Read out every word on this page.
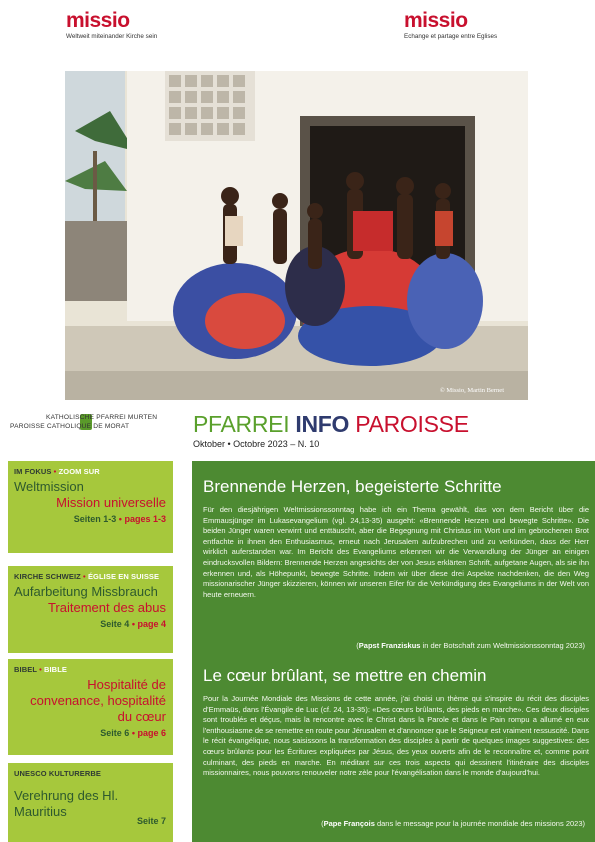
missio
Weltweit miteinander Kirche sein
missio
Echange et partage entre Eglises
© Missio, Martin Bernet
KATHOLISCHE PFARREI MURTEN
PAROISSE CATHOLIQUE DE MORAT	PFARREI INFO PAROISSE
Oktober • Octobre 2023 – N. 10
IM FOKUS • ZOOM SUR
Weltmission
Mission universelle
Seiten 1-3 • pages 1-3
KIRCHE SCHWEIZ • ÉGLISE EN SUISSE
Aufarbeitung Missbrauch
Traitement des abus
Seite 4 • page 4
BIBEL • BIBLE
Hospitalité de convenance, hospitalité du cœur
Seite 6 • page 6
UNESCO KULTURERBE
Verehrung des Hl. Mauritius
Seite 7
Brennende Herzen, begeisterte Schritte
Für den diesjährigen Weltmissionssonntag habe ich ein Thema gewählt, das von dem Bericht über die Emmausjünger im Lukasevangelium (vgl. 24,13-35) ausgeht: «Brennende Herzen und bewegte Schritte». Die beiden Jünger waren verwirrt und enttäuscht, aber die Begegnung mit Christus im Wort und im gebrochenen Brot entfachte in ihnen den Enthusiasmus, erneut nach Jerusalem aufzubrechen und zu verkünden, dass der Herr wirklich auferstanden war. Im Bericht des Evangeliums erkennen wir die Verwandlung der Jünger an einigen eindrucksvollen Bildern: Brennende Herzen angesichts der von Jesus erklärten Schrift, aufgetane Augen, als sie ihn erkennen und, als Höhepunkt, bewegte Schritte. Indem wir über diese drei Aspekte nachdenken, die den Weg missionarischer Jünger skizzieren, können wir unseren Eifer für die Verkündigung des Evangeliums in der Welt von heute erneuern.
(Papst Franziskus in der Botschaft zum Weltmissionssonntag 2023)
Le cœur brûlant, se mettre en chemin
Pour la Journée Mondiale des Missions de cette année, j'ai choisi un thème qui s'inspire du récit des disciples d'Emmaüs, dans l'Évangile de Luc (cf. 24, 13-35): «Des cœurs brûlants, des pieds en marche». Ces deux disciples sont troublés et déçus, mais la rencontre avec le Christ dans la Parole et dans le Pain rompu a allumé en eux l'enthousiasme de se remettre en route pour Jérusalem et d'annoncer que le Seigneur est vraiment ressuscité. Dans le récit évangélique, nous saisissons la transformation des disciples à partir de quelques images suggestives: des cœurs brûlants pour les Écritures expliquées par Jésus, des yeux ouverts afin de le reconnaître et, comme point culminant, des pieds en marche. En méditant sur ces trois aspects qui dessinent l'itinéraire des disciples missionnaires, nous pouvons renouveler notre zèle pour l'évangélisation dans le monde d'aujourd'hui.
(Pape François dans le message pour la journée mondiale des missions 2023)
